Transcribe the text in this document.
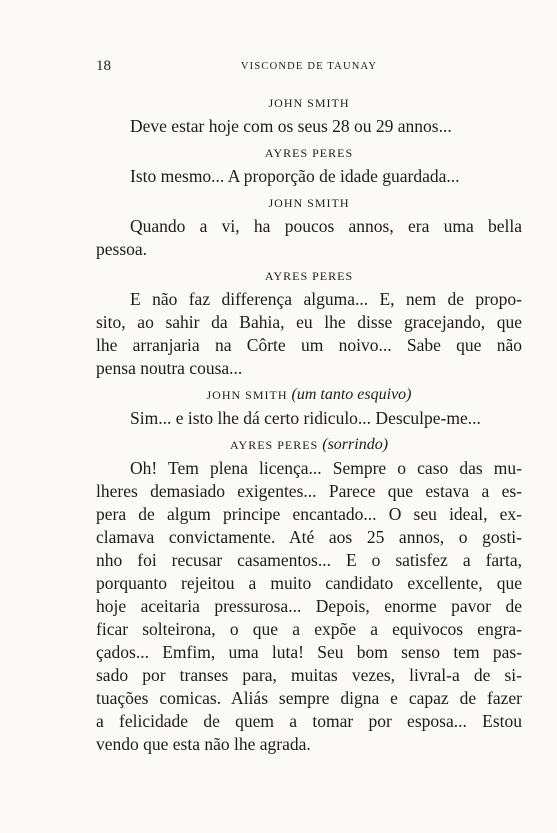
18	VISCONDE DE TAUNAY
JOHN SMITH
Deve estar hoje com os seus 28 ou 29 annos...
AYRES PERES
Isto mesmo... A proporção de idade guardada...
JOHN SMITH
Quando a vi, ha poucos annos, era uma bella
pessoa.
AYRES PERES
E não faz differença alguma... E, nem de propo-
sito, ao sahir da Bahia, eu lhe disse gracejando, que
lhe arranjaria na Côrte um noivo... Sabe que não
pensa noutra cousa...
JOHN SMITH (um tanto esquivo)
Sim... e isto lhe dá certo ridiculo... Desculpe-me...
AYRES PERES (sorrindo)
Oh! Tem plena licença... Sempre o caso das mu-
lheres demasiado exigentes... Parece que estava a es-
pera de algum principe encantado... O seu ideal, ex-
clamava convictamente. Até aos 25 annos, o gosti-
nho foi recusar casamentos... E o satisfez a farta,
porquanto rejeitou a muito candidato excellente, que
hoje aceitaria pressurosa... Depois, enorme pavor de
ficar solteirona, o que a expõe a equivocos engra-
çados... Emfim, uma luta! Seu bom senso tem pas-
sado por transes para, muitas vezes, livral-a de si-
tuações comicas. Aliás sempre digna e capaz de fazer
a felicidade de quem a tomar por esposa... Estou
vendo que esta não lhe agrada.
